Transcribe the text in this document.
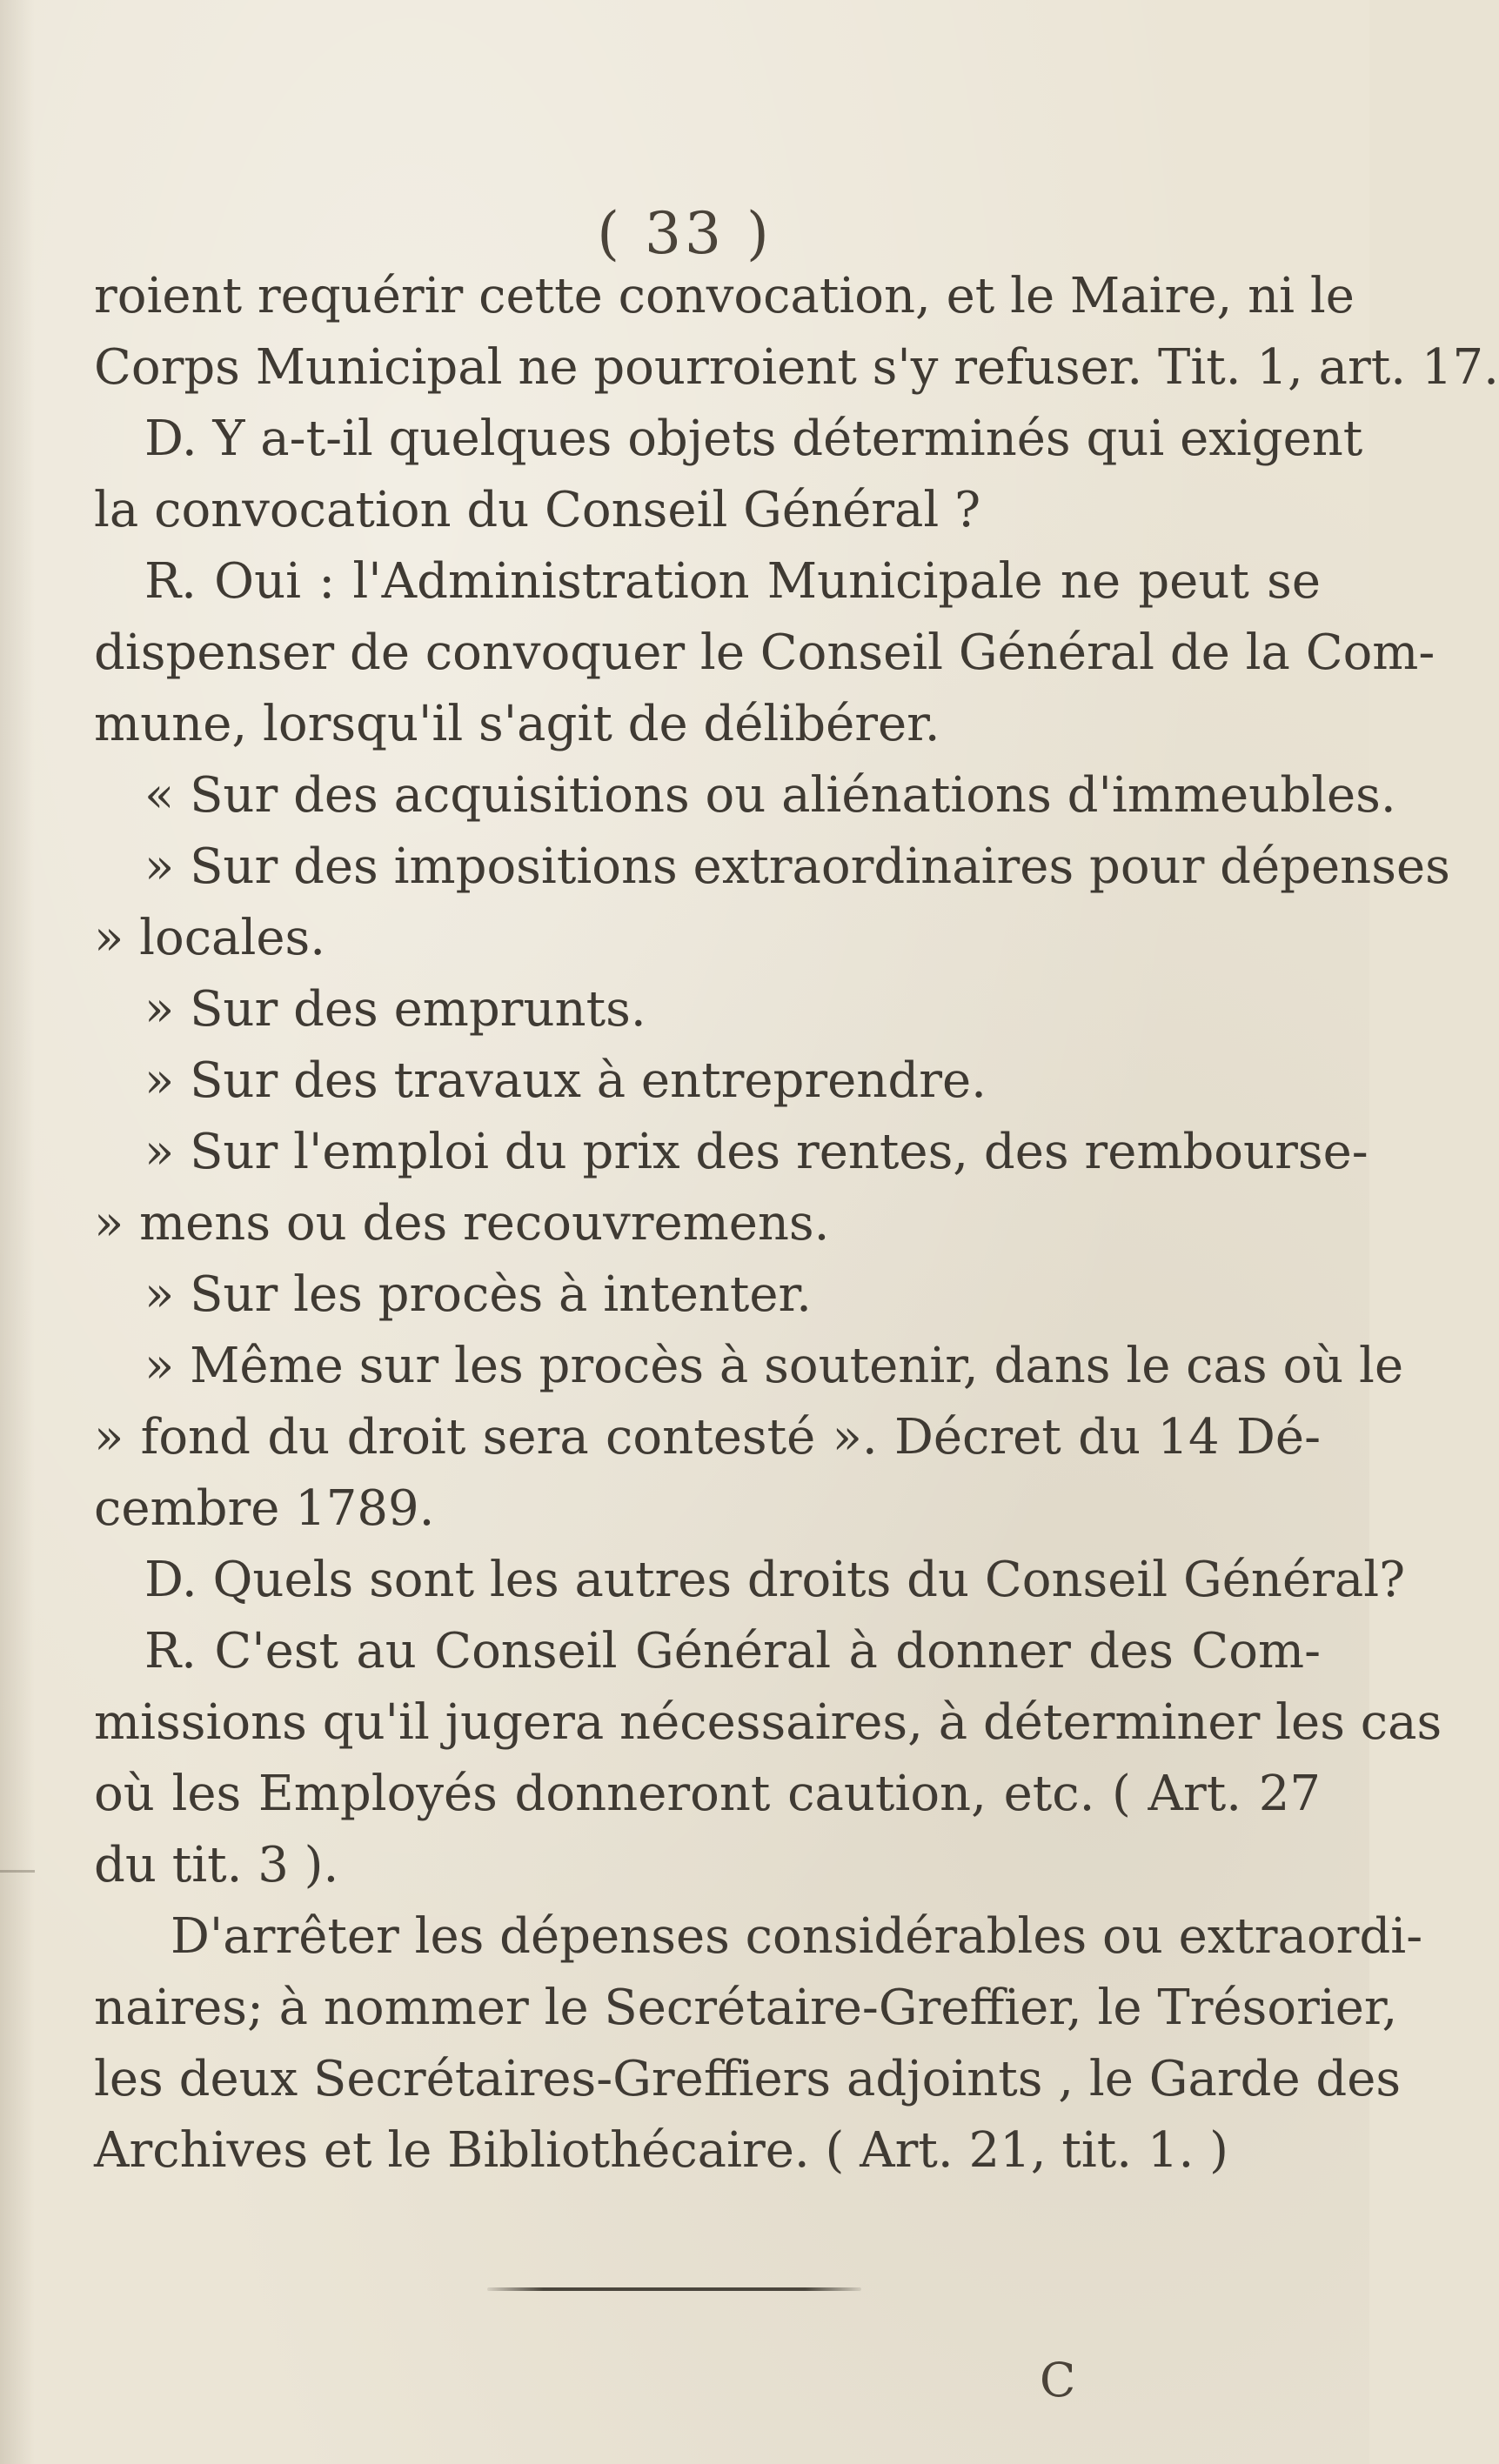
( 33 )
roient requérir cette convocation, et le Maire, ni le
Corps Municipal ne pourroient s'y refuser. Tit. 1, art. 17.
D. Y a-t-il quelques objets déterminés qui exigent
la convocation du Conseil Général ?
R. Oui : l'Administration Municipale ne peut se
dispenser de convoquer le Conseil Général de la Com-
mune, lorsqu'il s'agit de délibérer.
« Sur des acquisitions ou aliénations d'immeubles.
» Sur des impositions extraordinaires pour dépenses
» locales.
» Sur des emprunts.
» Sur des travaux à entreprendre.
» Sur l'emploi du prix des rentes, des rembourse-
» mens ou des recouvremens.
» Sur les procès à intenter.
» Même sur les procès à soutenir, dans le cas où le
» fond du droit sera contesté ». Décret du 14 Dé-
cembre 1789.
D. Quels sont les autres droits du Conseil Général?
R. C'est au Conseil Général à donner des Com-
missions qu'il jugera nécessaires, à déterminer les cas
où les Employés donneront caution, etc. ( Art. 27
du tit. 3 ).
D'arrêter les dépenses considérables ou extraordi-
naires; à nommer le Secrétaire-Greffier, le Trésorier,
les deux Secrétaires-Greffiers adjoints , le Garde des
Archives et le Bibliothécaire. ( Art. 21, tit. 1. )
C
